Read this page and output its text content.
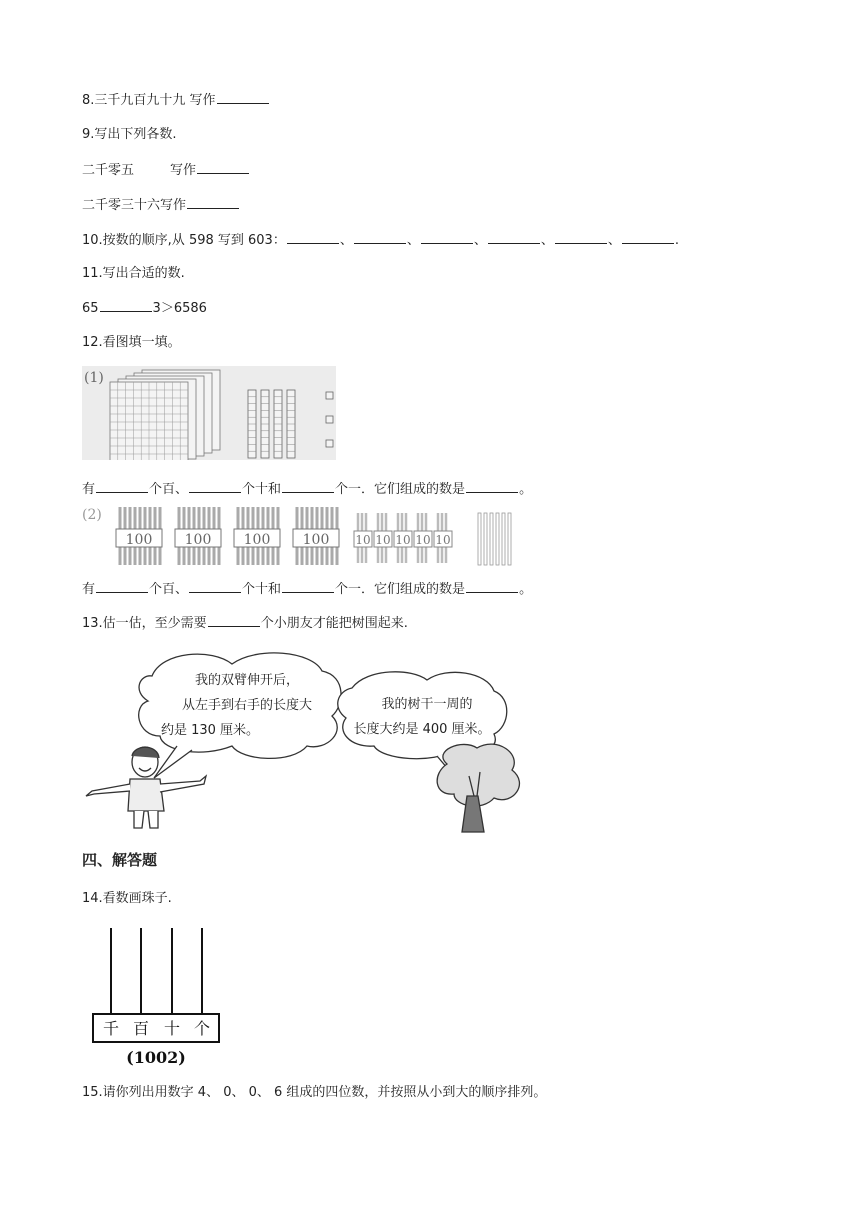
8.三千九百九十九 写作
9.写出下列各数.
二千零五	写作
二千零三十六写作
10.按数的顺序,从 598 写到 603：	、	、	、	、	、	.
11.写出合适的数.
65	3＞6586
12.看图填一填。
(1)
有	个百、	个十和	个一．它们组成的数是	。
(2)
100 100 100 100 10 10 10 10 10
有	个百、	个十和	个一．它们组成的数是	。
13.估一估，至少需要	个小朋友才能把树围起来.
我的双臂伸开后，
从左手到右手的长度大
约是 130 厘米。
我的树干一周的
长度大约是 400 厘米。
四、解答题
14.看数画珠子.
千 百 十 个
(1002)
15.请你列出用数字 4、 0、 0、 6 组成的四位数，并按照从小到大的顺序排列。
